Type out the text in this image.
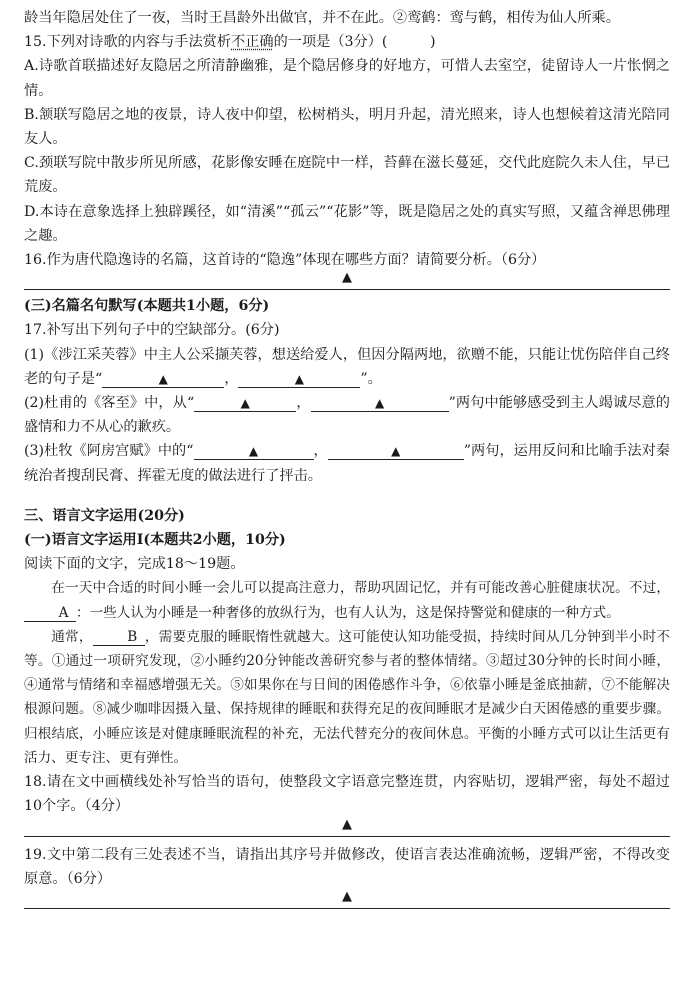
龄当年隐居处住了一夜，当时王昌龄外出做官，并不在此。②鸾鹤：鸾与鹤，相传为仙人所乘。

15.下列对诗歌的内容与手法赏析不正确的一项是（3分）(　　　)

A.诗歌首联描述好友隐居之所清静幽雅，是个隐居修身的好地方，可惜人去室空，徒留诗人一片怅惘之情。

B.颔联写隐居之地的夜景，诗人夜中仰望，松树梢头，明月升起，清光照来，诗人也想候着这清光陪同友人。

C.颈联写院中散步所见所感，花影像安睡在庭院中一样，苔藓在滋长蔓延，交代此庭院久未人住，早已荒废。

D.本诗在意象选择上独辟蹊径，如“清溪”“孤云”“花影”等，既是隐居之处的真实写照，又蕴含禅思佛理之趣。

16.作为唐代隐逸诗的名篇，这首诗的“隐逸”体现在哪些方面？请简要分析。（6分）

▲

(三)名篇名句默写(本题共1小题，6分)

17.补写出下列句子中的空缺部分。(6分)

(1)《涉江采芙蓉》中主人公采撷芙蓉，想送给爱人，但因分隔两地，欲赠不能，只能让忧伤陪伴自己终老的句子是“	▲	，	▲	”。

(2)杜甫的《客至》中，从“	▲	，	▲	”两句中能够感受到主人竭诚尽意的盛情和力不从心的歉疚。

(3)杜牧《阿房宫赋》中的“	▲	，	▲	”两句，运用反问和比喻手法对秦统治者搜刮民膏、挥霍无度的做法进行了抨击。

三、语言文字运用(20分)

(一)语言文字运用Ⅰ(本题共2小题，10分)

阅读下面的文字，完成18～19题。

在一天中合适的时间小睡一会儿可以提高注意力，帮助巩固记忆，并有可能改善心脏健康状况。不过，A ：一些人认为小睡是一种奢侈的放纵行为，也有人认为，这是保持警觉和健康的一种方式。

通常，	B ，需要克服的睡眠惰性就越大。这可能使认知功能受损，持续时间从几分钟到半小时不等。①通过一项研究发现，②小睡约20分钟能改善研究参与者的整体情绪。③超过30分钟的长时间小睡，④通常与情绪和幸福感增强无关。⑤如果你在与日间的困倦感作斗争，⑥依靠小睡是釜底抽薪，⑦不能解决根源问题。⑧减少咖啡因摄入量、保持规律的睡眠和获得充足的夜间睡眠才是减少白天困倦感的重要步骤。归根结底，小睡应该是对健康睡眠流程的补充，无法代替充分的夜间休息。平衡的小睡方式可以让生活更有活力、更专注、更有弹性。

18.请在文中画横线处补写恰当的语句，使整段文字语意完整连贯，内容贴切，逻辑严密，每处不超过10个字。（4分）

▲

19.文中第二段有三处表述不当，请指出其序号并做修改，使语言表达准确流畅，逻辑严密，不得改变原意。（6分）

▲
